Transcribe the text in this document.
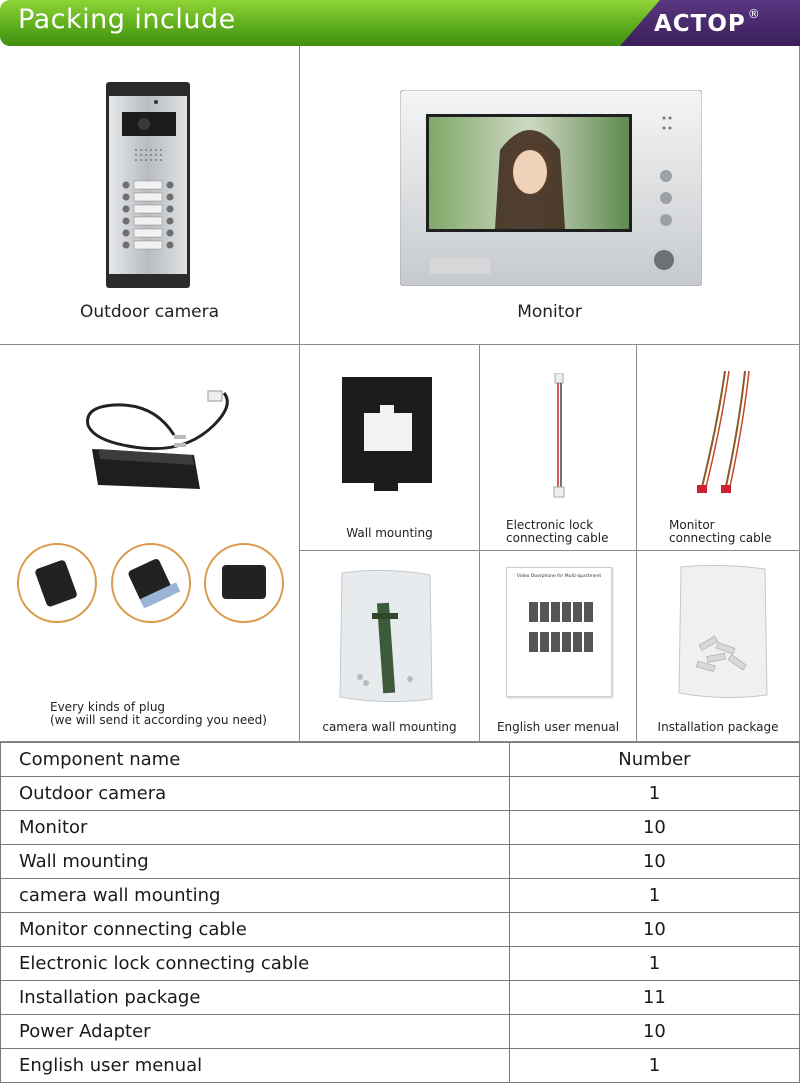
Packing include	ACTOP ®
Outdoor camera	Monitor
Every kinds of plug
(we will send it according you need)
Wall mounting
Electronic lock
connecting cable
Monitor
connecting cable
camera wall mounting
Video Doorphone for Multi-apartment
English user menual	Installation package
Component name	Number
Outdoor camera	1
Monitor	10
Wall mounting	10
camera wall mounting	1
Monitor connecting cable	10
Electronic lock connecting cable	1
Installation package	11
Power Adapter	10
English user menual	1
